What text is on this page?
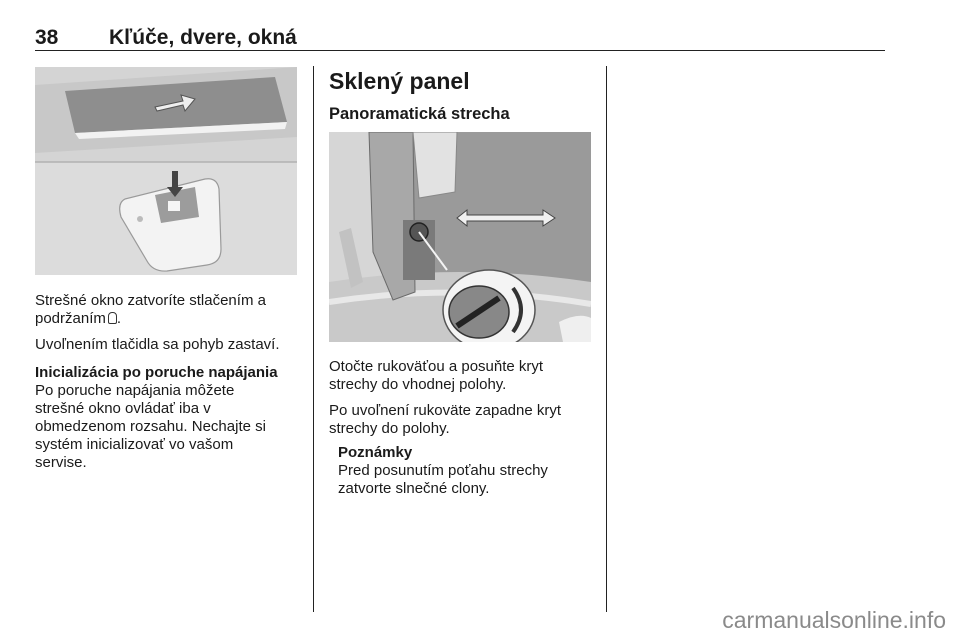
38 Kľúče, dvere, okná

Strešné okno zatvoríte stlačením a

podržaním .

Uvoľnením tlačidla sa pohyb zastaví.

Inicializácia po poruche napájania

Po poruche napájania môžete

strešné okno ovládať iba v

obmedzenom rozsahu. Nechajte si

systém inicializovať vo vašom

servise.

Sklený panel
Panoramatická strecha

Otočte rukoväťou a posuňte kryt

strechy do vhodnej polohy.

Po uvoľnení rukoväte zapadne kryt

strechy do polohy.

Poznámky

Pred posunutím poťahu strechy

zatvorte slnečné clony.

carmanualsonline.info
